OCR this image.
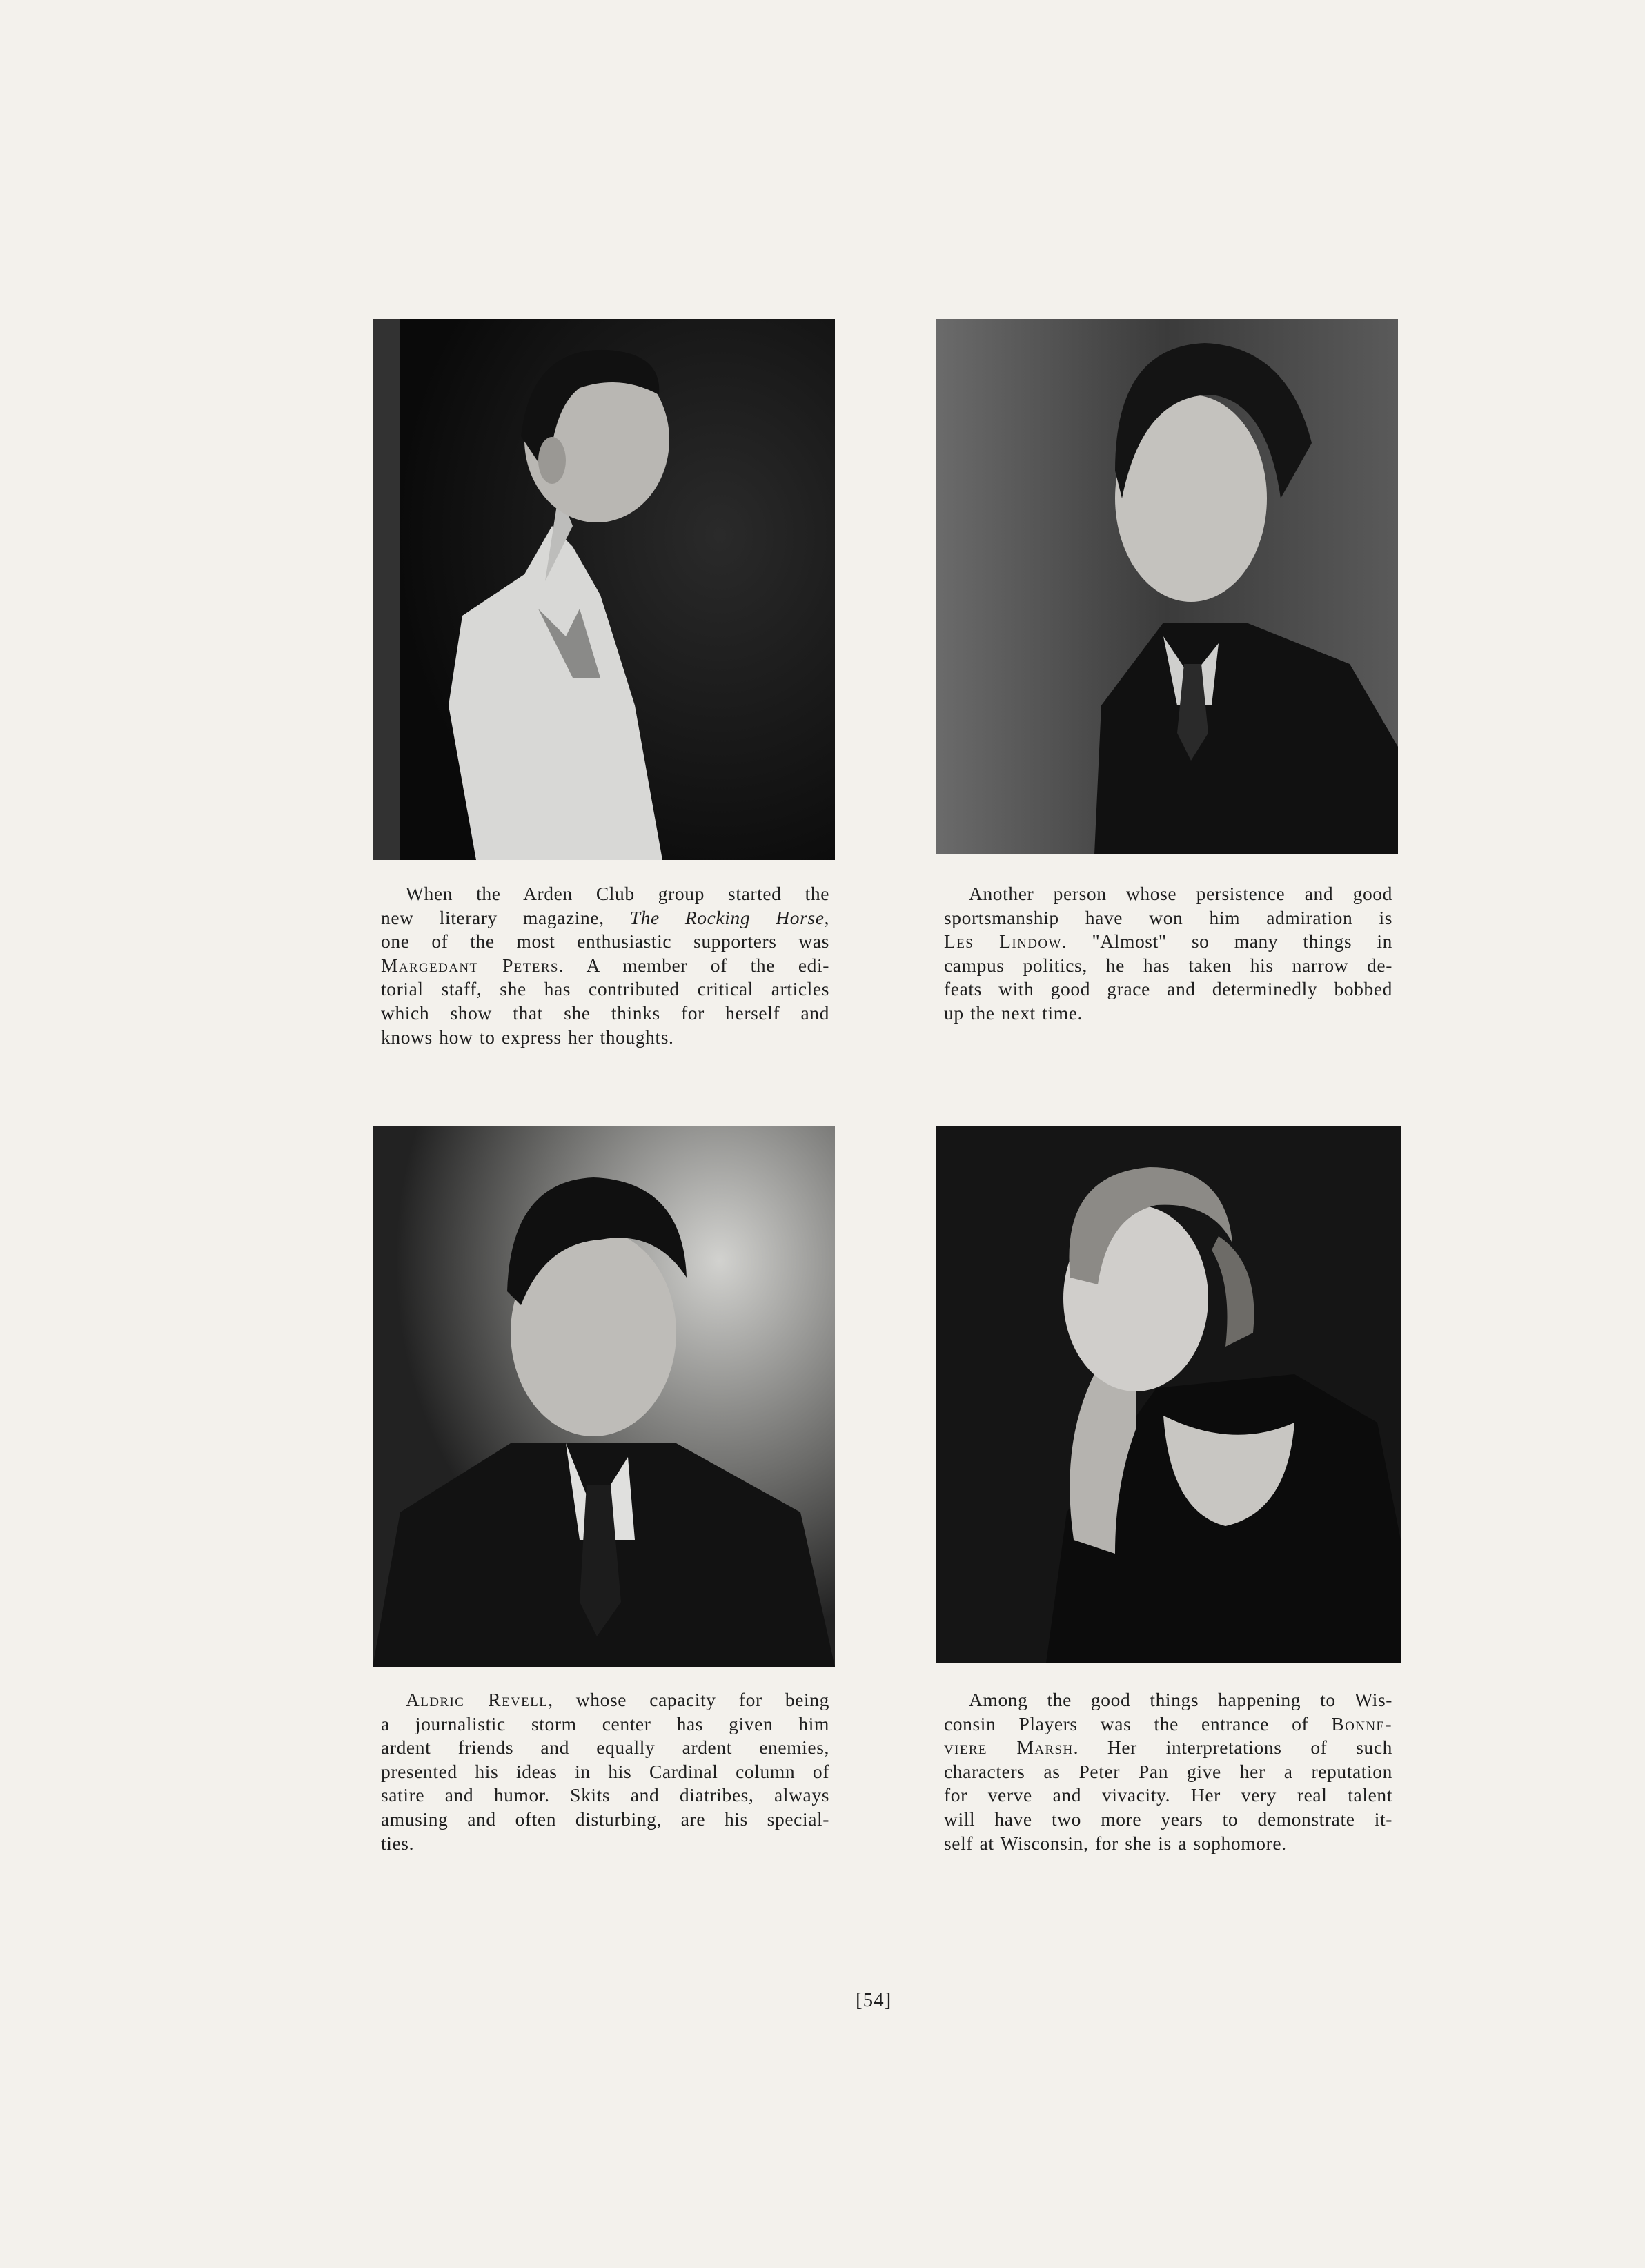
When the Arden Club group started the
new literary magazine, The Rocking Horse,
one of the most enthusiastic supporters was
Margedant Peters. A member of the edi-
torial staff, she has contributed critical articles
which show that she thinks for herself and
knows how to express her thoughts.
Another person whose persistence and good
sportsmanship have won him admiration is
Les Lindow. "Almost" so many things in
campus politics, he has taken his narrow de-
feats with good grace and determinedly bobbed
up the next time.
Aldric Revell, whose capacity for being
a journalistic storm center has given him
ardent friends and equally ardent enemies,
presented his ideas in his Cardinal column of
satire and humor. Skits and diatribes, always
amusing and often disturbing, are his special-
ties.
Among the good things happening to Wis-
consin Players was the entrance of Bonne-
viere Marsh. Her interpretations of such
characters as Peter Pan give her a reputation
for verve and vivacity. Her very real talent
will have two more years to demonstrate it-
self at Wisconsin, for she is a sophomore.
[54]
